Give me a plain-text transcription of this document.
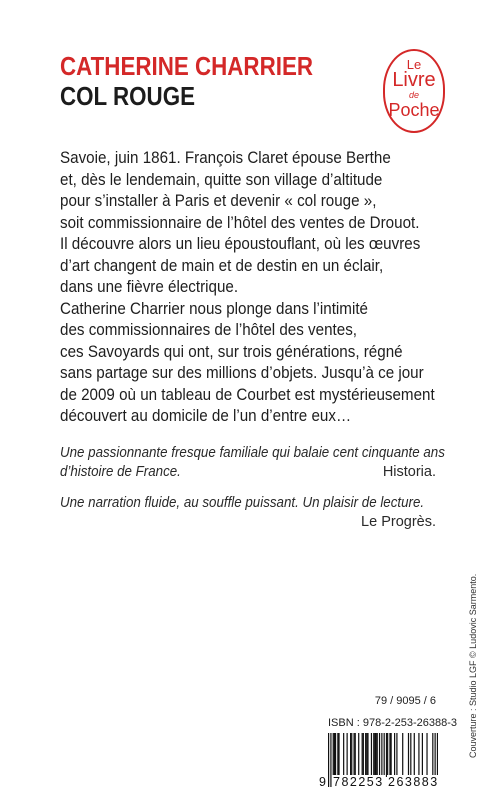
CATHERINE CHARRIER
COL ROUGE
Le
Livre
de
Poche
Savoie, juin 1861. François Claret épouse Berthe
et, dès le lendemain, quitte son village d’altitude
pour s’installer à Paris et devenir « col rouge »,
soit commissionnaire de l’hôtel des ventes de Drouot.
Il découvre alors un lieu époustouflant, où les œuvres
d’art changent de main et de destin en un éclair,
dans une fièvre électrique.
Catherine Charrier nous plonge dans l’intimité
des commissionnaires de l’hôtel des ventes,
ces Savoyards qui ont, sur trois générations, régné
sans partage sur des millions d’objets. Jusqu’à ce jour
de 2009 où un tableau de Courbet est mystérieusement
découvert au domicile de l’un d’entre eux…
Une passionnante fresque familiale qui balaie cent cinquante ans
d’histoire de France.	Historia.
Une narration fluide, au souffle puissant. Un plaisir de lecture.
Le Progrès.
79 / 9095 / 6
ISBN : 978-2-253-26388-3
9 782253 263883
Couverture : Studio LGF © Ludovic Sarmento.
